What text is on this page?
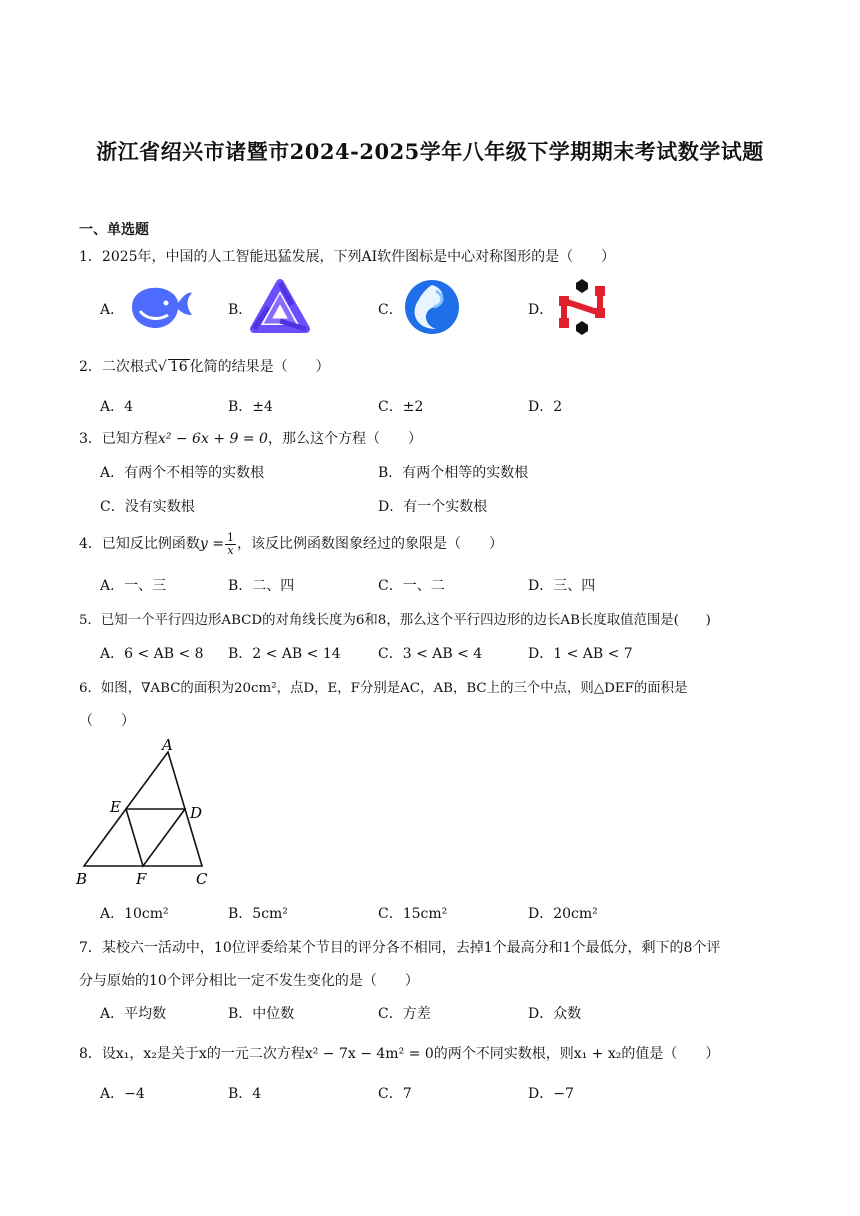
浙江省绍兴市诸暨市2024-2025学年八年级下学期期末考试数学试题
一、单选题
1．2025年，中国的人工智能迅猛发展，下列AI软件图标是中心对称图形的是（　　）
A．	B．	C．	D．
2．二次根式√ 16 化简的结果是（　　）
A．4	B．±4	C．±2	D．2
3．已知方程x² − 6x + 9 = 0，那么这个方程（　　）
A．有两个不相等的实数根	B．有两个相等的实数根
C．没有实数根	D．有一个实数根
4．已知反比例函数$y = \frac{1}{x}$ ，该反比例函数图象经过的象限是（　　）
A．一、三	B．二、四	C．一、二	D．三、四
5．已知一个平行四边形ABCD的对角线长度为6和8，那么这个平行四边形的边长AB长度取值范围是(　　)
A．6 < AB < 8 B．2 < AB < 14	C．3 < AB < 4	D．1 < AB < 7
6．如图，∇ABC的面积为20cm²，点D，E，F分别是AC，AB，BC上的三个中点，则△DEF的面积是
（　　）
A
E	D
B	F	C
A．10cm²	B．5cm²	C．15cm²	D．20cm²
7．某校六一活动中，10位评委给某个节目的评分各不相同，去掉1个最高分和1个最低分，剩下的8个评
分与原始的10个评分相比一定不发生变化的是（　　）
A．平均数	B．中位数	C．方差	D．众数
8．设x₁，x₂是关于x的一元二次方程x² − 7x − 4m² = 0的两个不同实数根，则x₁ + x₂的值是（　　）
A．−4	B．4	C．7	D．−7
